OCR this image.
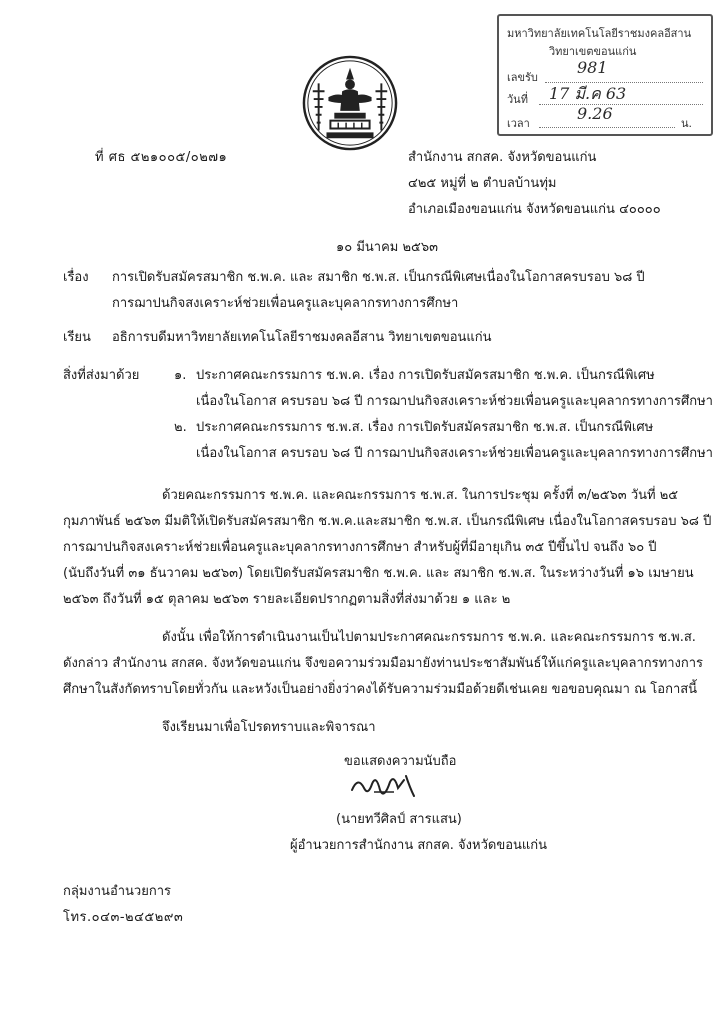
มหาวิทยาลัยเทคโนโลยีราชมงคลอีสาน
วิทยาเขตขอนแก่น
เลขรับ
981
วันที่ 17 มี.ค 63
เวลา
9.26
น.
ที่ ศธ ๕๒๑๐๐๕/๐๒๗๑	สำนักงาน สกสค. จังหวัดขอนแก่น
๔๒๕ หมู่ที่ ๒ ตำบลบ้านทุ่ม
อำเภอเมืองขอนแก่น จังหวัดขอนแก่น ๔๐๐๐๐
๑๐ มีนาคม ๒๕๖๓
เรื่อง การเปิดรับสมัครสมาชิก ช.พ.ค. และ สมาชิก ช.พ.ส. เป็นกรณีพิเศษเนื่องในโอกาสครบรอบ ๖๘ ปี
การฌาปนกิจสงเคราะห์ช่วยเพื่อนครูและบุคลากรทางการศึกษา
เรียน อธิการบดีมหาวิทยาลัยเทคโนโลยีราชมงคลอีสาน วิทยาเขตขอนแก่น
สิ่งที่ส่งมาด้วย	๑. ประกาศคณะกรรมการ ช.พ.ค. เรื่อง การเปิดรับสมัครสมาชิก ช.พ.ค. เป็นกรณีพิเศษ
เนื่องในโอกาส ครบรอบ ๖๘ ปี การฌาปนกิจสงเคราะห์ช่วยเพื่อนครูและบุคลากรทางการศึกษา
๒. ประกาศคณะกรรมการ ช.พ.ส. เรื่อง การเปิดรับสมัครสมาชิก ช.พ.ส. เป็นกรณีพิเศษ
เนื่องในโอกาส ครบรอบ ๖๘ ปี การฌาปนกิจสงเคราะห์ช่วยเพื่อนครูและบุคลากรทางการศึกษา
ด้วยคณะกรรมการ ช.พ.ค. และคณะกรรมการ ช.พ.ส. ในการประชุม ครั้งที่ ๓/๒๕๖๓ วันที่ ๒๕
กุมภาพันธ์ ๒๕๖๓ มีมติให้เปิดรับสมัครสมาชิก ช.พ.ค.และสมาชิก ช.พ.ส. เป็นกรณีพิเศษ เนื่องในโอกาสครบรอบ ๖๘ ปี
การฌาปนกิจสงเคราะห์ช่วยเพื่อนครูและบุคลากรทางการศึกษา สำหรับผู้ที่มีอายุเกิน ๓๕ ปีขึ้นไป จนถึง ๖๐ ปี
(นับถึงวันที่ ๓๑ ธันวาคม ๒๕๖๓) โดยเปิดรับสมัครสมาชิก ช.พ.ค. และ สมาชิก ช.พ.ส. ในระหว่างวันที่ ๑๖ เมษายน
๒๕๖๓ ถึงวันที่ ๑๕ ตุลาคม ๒๕๖๓ รายละเอียดปรากฏตามสิ่งที่ส่งมาด้วย ๑ และ ๒
ดังนั้น เพื่อให้การดำเนินงานเป็นไปตามประกาศคณะกรรมการ ช.พ.ค. และคณะกรรมการ ช.พ.ส.
ดังกล่าว สำนักงาน สกสค. จังหวัดขอนแก่น จึงขอความร่วมมือมายังท่านประชาสัมพันธ์ให้แก่ครูและบุคลากรทางการ
ศึกษาในสังกัดทราบโดยทั่วกัน และหวังเป็นอย่างยิ่งว่าคงได้รับความร่วมมือด้วยดีเช่นเคย ขอขอบคุณมา ณ โอกาสนี้
จึงเรียนมาเพื่อโปรดทราบและพิจารณา
ขอแสดงความนับถือ
(นายทวีศิลป์ สารแสน)
ผู้อำนวยการสำนักงาน สกสค. จังหวัดขอนแก่น
กลุ่มงานอำนวยการ
โทร.๐๔๓-๒๔๕๒๙๓
